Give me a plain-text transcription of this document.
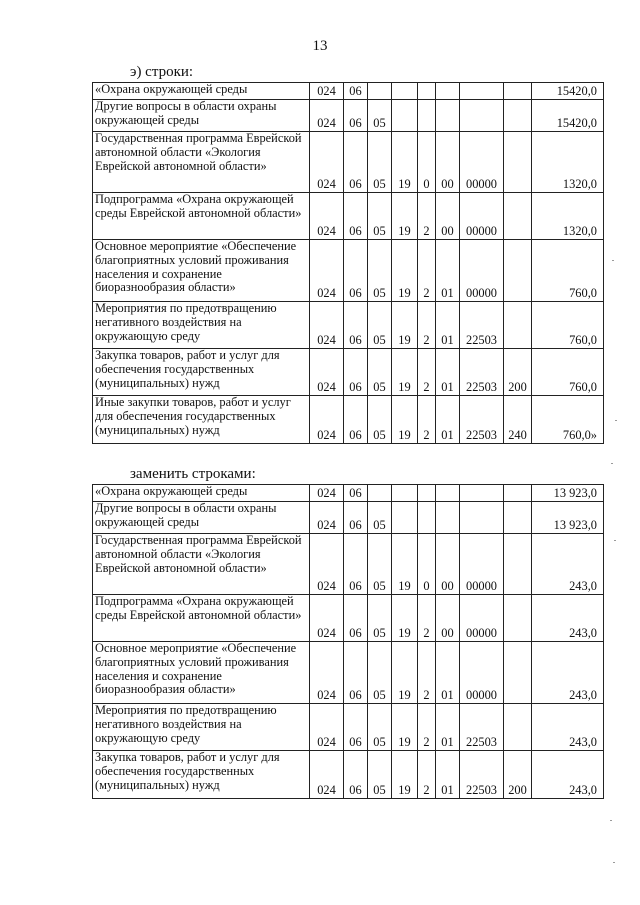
13
э) строки:
«Охрана окружающей среды	024	06							15420,0
Другие вопросы в области охраны окружающей среды	024	06	05						15420,0
Государственная программа Еврейской автономной области «Экология Еврейской автономной области»	024	06	05	19	0	00	00000		1320,0
Подпрограмма «Охрана окружающей среды Еврейской автономной области»	024	06	05	19	2	00	00000		1320,0
Основное мероприятие «Обеспечение благоприятных условий проживания населения и сохранение биоразнообразия области»	024	06	05	19	2	01	00000		760,0
Мероприятия по предотвращению негативного воздействия на окружающую среду	024	06	05	19	2	01	22503		760,0
Закупка товаров, работ и услуг для обеспечения государственных (муниципальных) нужд	024	06	05	19	2	01	22503	200	760,0
Иные закупки товаров, работ и услуг для обеспечения государственных (муниципальных) нужд	024	06	05	19	2	01	22503	240	760,0»
заменить строками:
«Охрана окружающей среды	024	06							13 923,0
Другие вопросы в области охраны окружающей среды	024	06	05						13 923,0
Государственная программа Еврейской автономной области «Экология Еврейской автономной области»	024	06	05	19	0	00	00000		243,0
Подпрограмма «Охрана окружающей среды Еврейской автономной области»	024	06	05	19	2	00	00000		243,0
Основное мероприятие «Обеспечение благоприятных условий проживания населения и сохранение биоразнообразия области»	024	06	05	19	2	01	00000		243,0
Мероприятия по предотвращению негативного воздействия на окружающую среду	024	06	05	19	2	01	22503		243,0
Закупка товаров, работ и услуг для обеспечения государственных (муниципальных) нужд	024	06	05	19	2	01	22503	200	243,0
